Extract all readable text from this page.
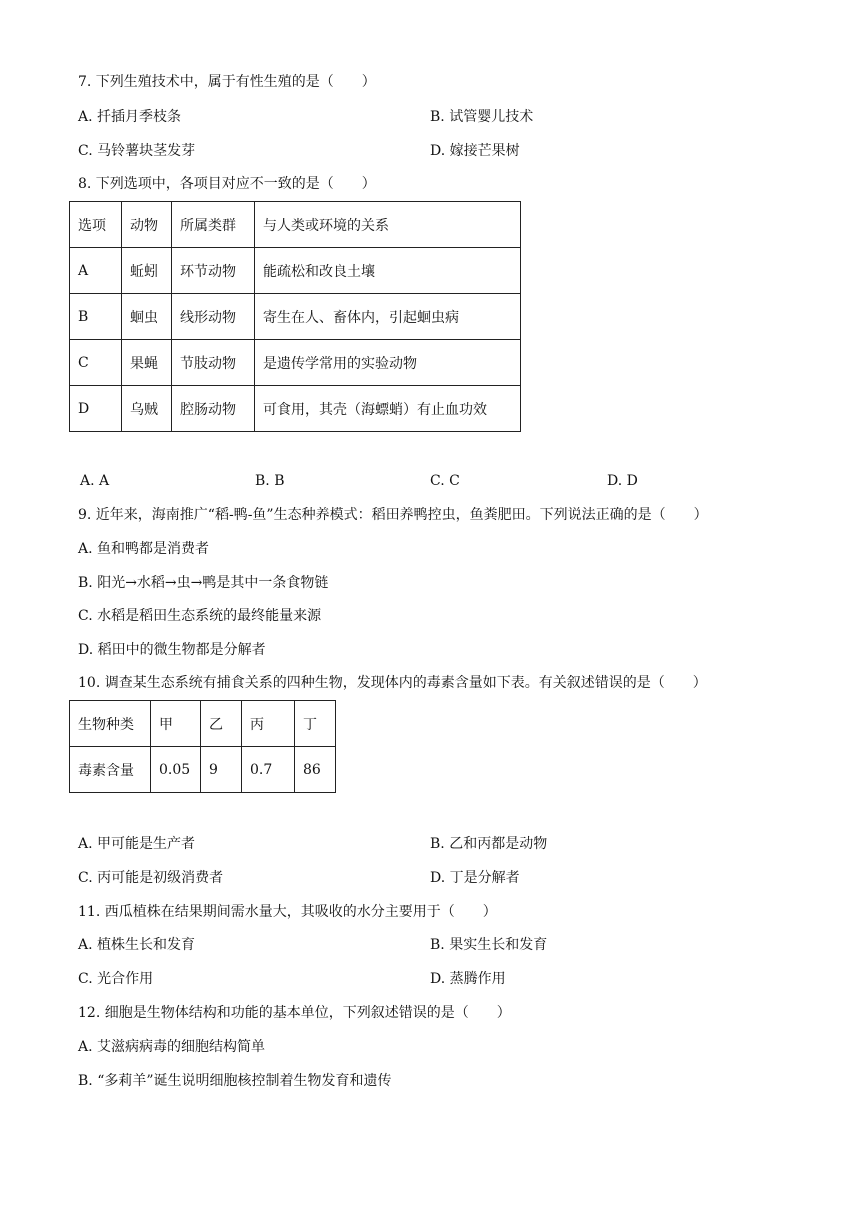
7. 下列生殖技术中，属于有性生殖的是（　　）
A. 扦插月季枝条	B. 试管婴儿技术
C. 马铃薯块茎发芽	D. 嫁接芒果树
8. 下列选项中，各项目对应不一致的是（　　）
选项	动物	所属类群	与人类或环境的关系
A	蚯蚓	环节动物	能疏松和改良土壤
B	蛔虫	线形动物	寄生在人、畜体内，引起蛔虫病
C	果蝇	节肢动物	是遗传学常用的实验动物
D	乌贼	腔肠动物	可食用，其壳（海螵蛸）有止血功效
A. A	B. B	C. C	D. D
9. 近年来，海南推广“稻-鸭-鱼”生态种养模式：稻田养鸭控虫，鱼粪肥田。下列说法正确的是（　　）
A. 鱼和鸭都是消费者
B. 阳光→水稻→虫→鸭是其中一条食物链
C. 水稻是稻田生态系统的最终能量来源
D. 稻田中的微生物都是分解者
10. 调查某生态系统有捕食关系的四种生物，发现体内的毒素含量如下表。有关叙述错误的是（　　）
生物种类	甲	乙	丙	丁
毒素含量	0.05	9	0.7	86
A. 甲可能是生产者	B. 乙和丙都是动物
C. 丙可能是初级消费者	D. 丁是分解者
11. 西瓜植株在结果期间需水量大，其吸收的水分主要用于（　　）
A. 植株生长和发育	B. 果实生长和发育
C. 光合作用	D. 蒸腾作用
12. 细胞是生物体结构和功能的基本单位，下列叙述错误的是（　　）
A. 艾滋病病毒的细胞结构简单
B. “多莉羊”诞生说明细胞核控制着生物发育和遗传
